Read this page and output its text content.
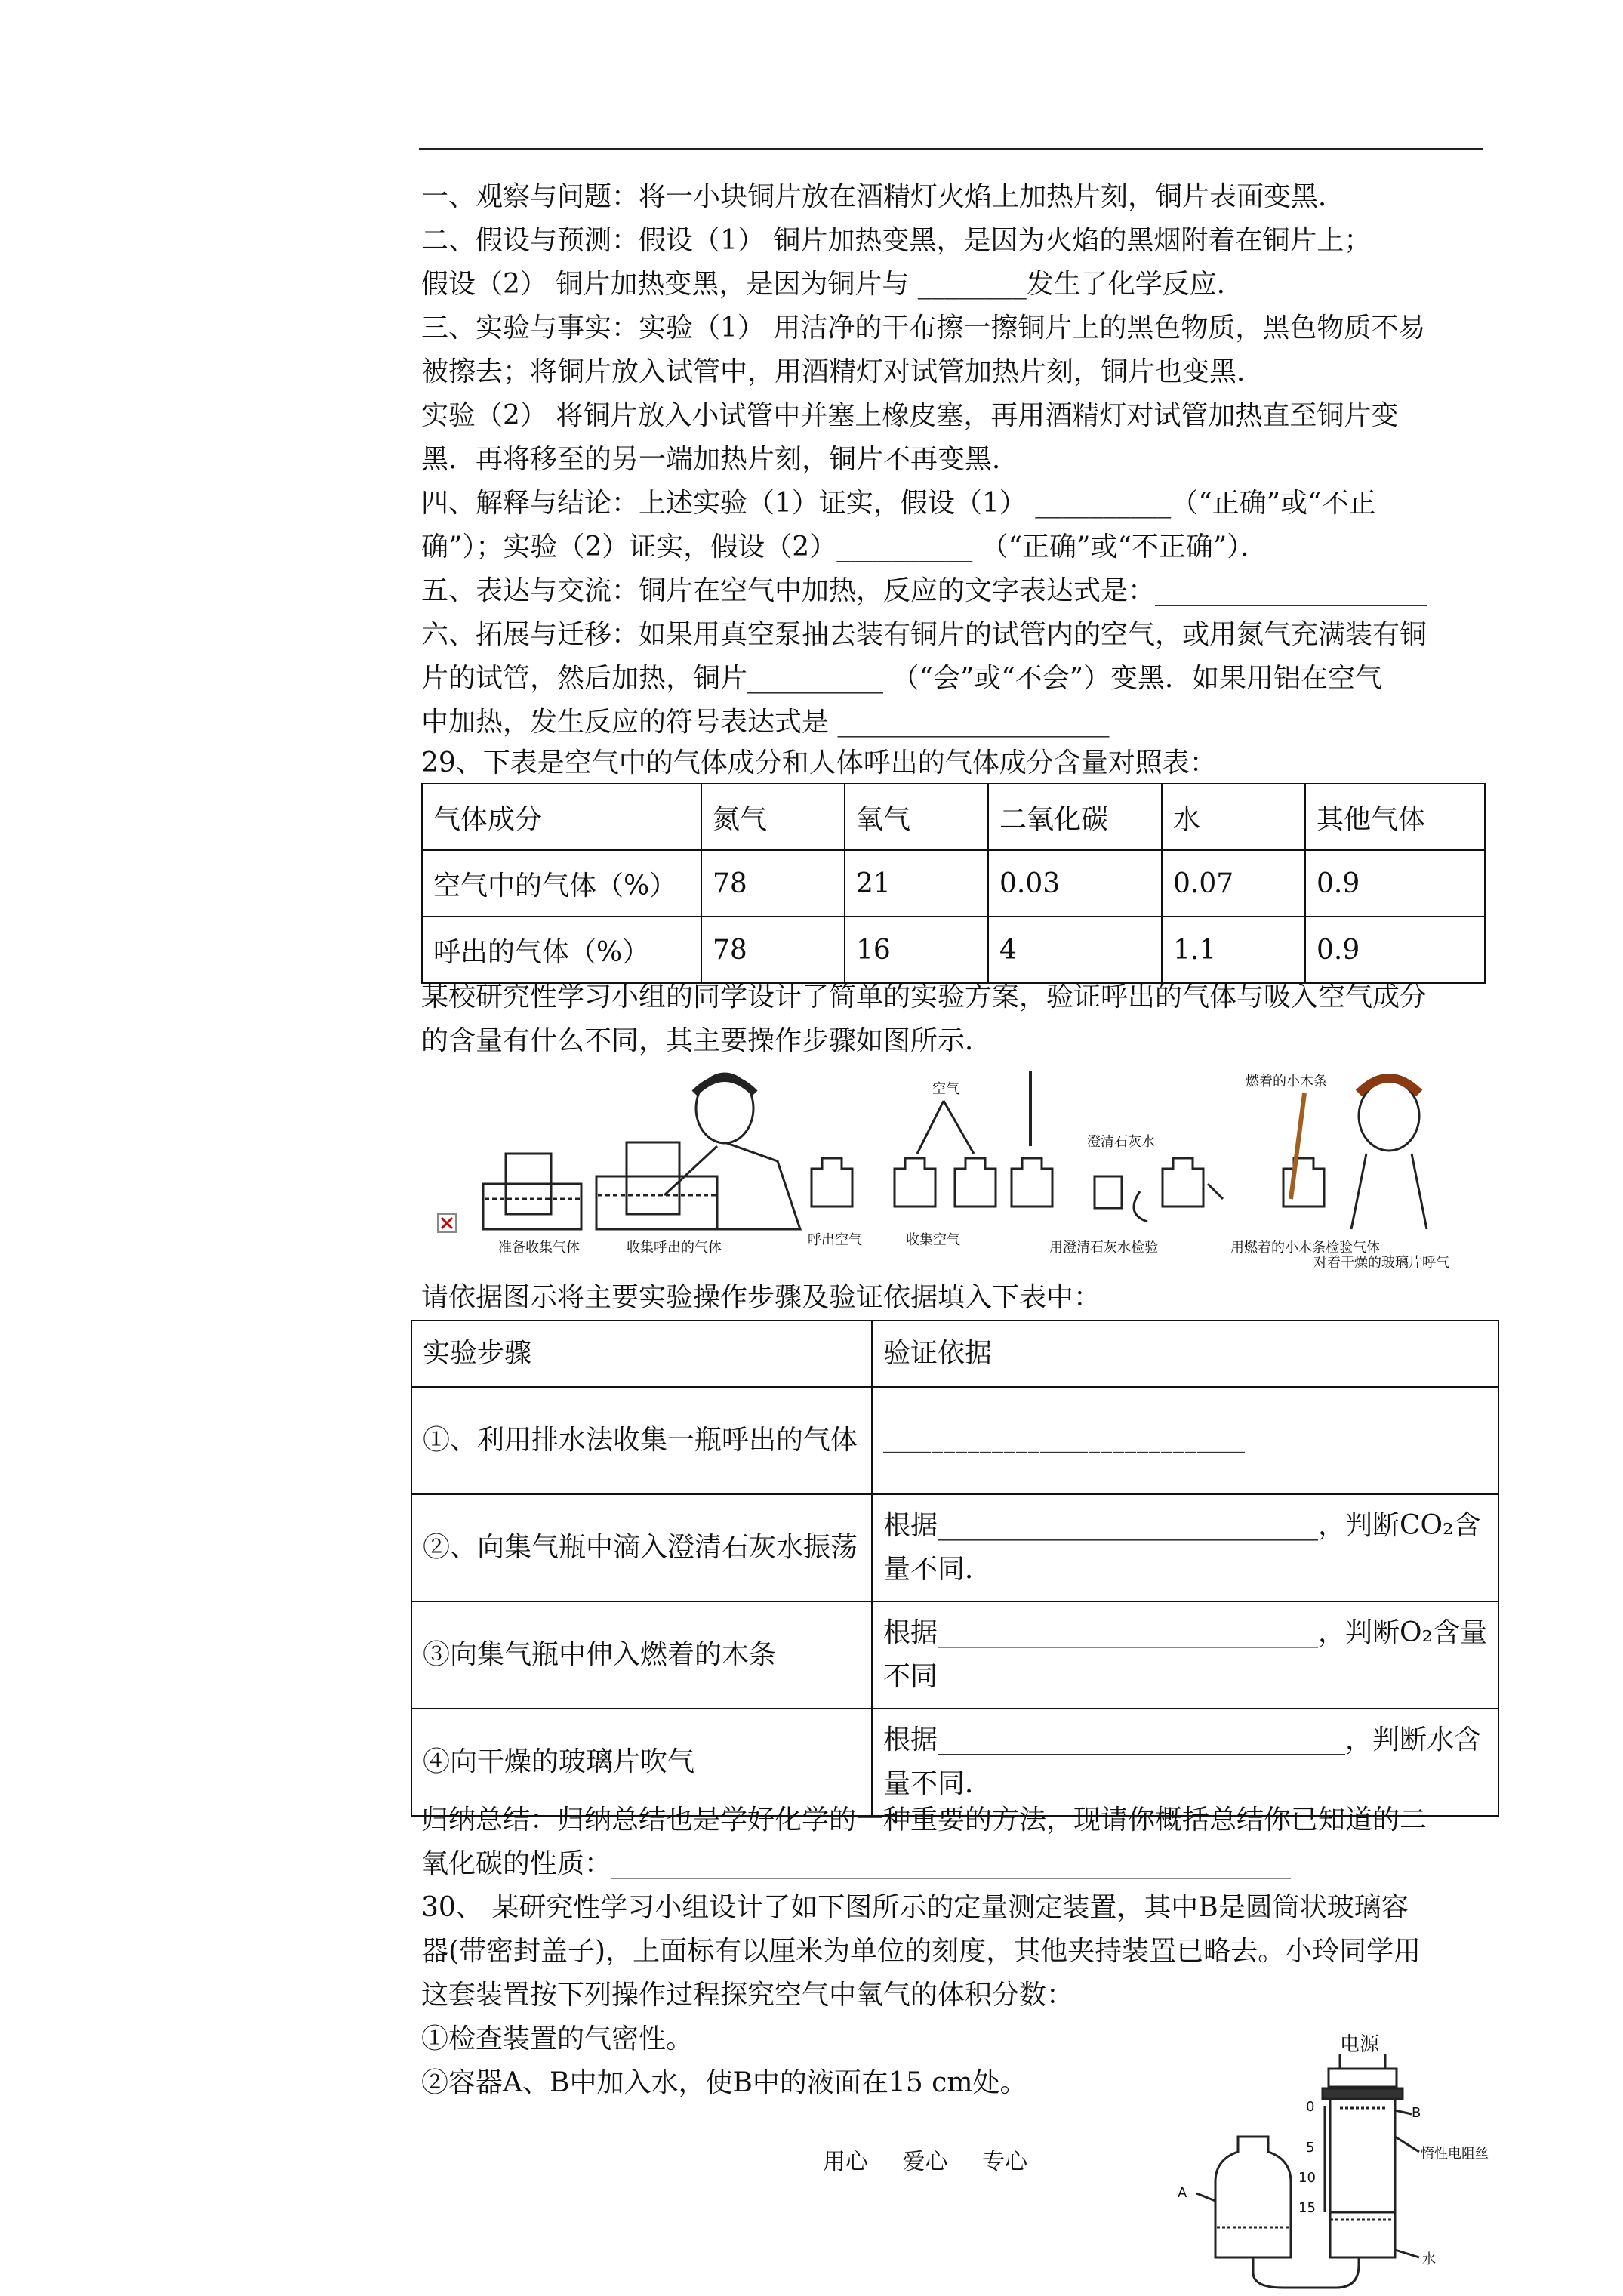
一、观察与问题：将一小块铜片放在酒精灯火焰上加热片刻，铜片表面变黑．
二、假设与预测：假设（1） 铜片加热变黑，是因为火焰的黑烟附着在铜片上；
假设（2） 铜片加热变黑，是因为铜片与 ________发生了化学反应．
三、实验与事实：实验（1） 用洁净的干布擦一擦铜片上的黑色物质，黑色物质不易
被擦去；将铜片放入试管中，用酒精灯对试管加热片刻，铜片也变黑．
实验（2） 将铜片放入小试管中并塞上橡皮塞，再用酒精灯对试管加热直至铜片变
黑．再将移至的另一端加热片刻，铜片不再变黑．
四、解释与结论：上述实验（1）证实，假设（1） __________（“正确”或“不正
确”）；实验（2）证实，假设（2）__________ （“正确”或“不正确”）．
五、表达与交流：铜片在空气中加热，反应的文字表达式是：____________________
六、拓展与迁移：如果用真空泵抽去装有铜片的试管内的空气，或用氮气充满装有铜
片的试管，然后加热，铜片__________ （“会”或“不会”）变黑．如果用铝在空气
中加热，发生反应的符号表达式是 ____________________
29、下表是空气中的气体成分和人体呼出的气体成分含量对照表：
气体成分	氮气	氧气	二氧化碳	水	其他气体
空气中的气体（%）	78	21	0.03	0.07	0.9
呼出的气体（%）	78	16	4	1.1	0.9
某校研究性学习小组的同学设计了简单的实验方案，验证呼出的气体与吸入空气成分
的含量有什么不同，其主要操作步骤如图所示．
准备收集气体	收集呼出的气体	呼出空气	收集空气
空气
澄清石灰水
用澄清石灰水检验
燃着的小木条
用燃着的小木条检验气体
对着干燥的玻璃片呼气
请依据图示将主要实验操作步骤及验证依据填入下表中：
实验步骤	验证依据
①、利用排水法收集一瓶呼出的气体	______________________________
②、向集气瓶中滴入澄清石灰水振荡	根据____________________________，判断CO₂含量不同．
③向集气瓶中伸入燃着的木条	根据____________________________，判断O₂含量不同
④向干燥的玻璃片吹气	根据______________________________，判断水含量不同．
归纳总结：归纳总结也是学好化学的一种重要的方法，现请你概括总结你已知道的二
氧化碳的性质：__________________________________________________
30、 某研究性学习小组设计了如下图所示的定量测定装置，其中B是圆筒状玻璃容
器(带密封盖子)，上面标有以厘米为单位的刻度，其他夹持装置已略去。小玲同学用
这套装置按下列操作过程探究空气中氧气的体积分数：
①检查装置的气密性。
②容器A、B中加入水，使B中的液面在15 cm处。
电源
B
惰性电阻丝
水
A
0
5
10
15
用心 爱心 专心
